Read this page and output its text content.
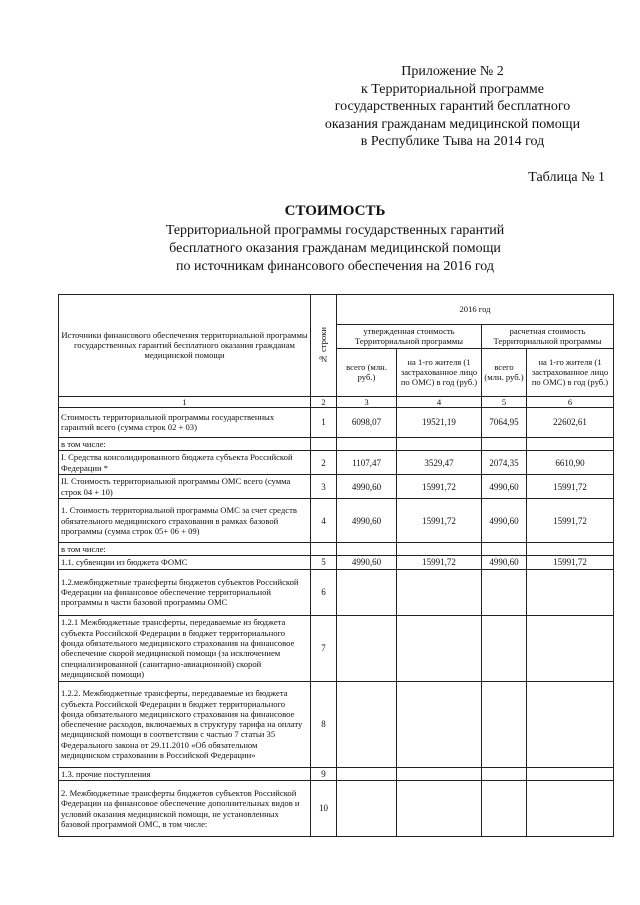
Приложение № 2
к Территориальной программе
государственных гарантий бесплатного
оказания гражданам медицинской помощи
в Республике Тыва на 2014 год
Таблица № 1
СТОИМОСТЬ
Территориальной программы государственных гарантий
бесплатного оказания гражданам медицинской помощи
по источникам финансового обеспечения на 2016 год
Источники финансового обеспечения территориальной программы государственных гарантий бесплатного оказания гражданам медицинской помощи	№ строки	2016 год			
		утвержденная стоимость Территориальной программы		расчетная стоимость Территориальной программы	
		всего (млн. руб.)	на 1-го жителя (1 застрахованное лицо по ОМС) в год (руб.)	всего (млн. руб.)	на 1-го жителя (1 застрахованное лицо по ОМС) в год (руб.)
1	2	3	4	5	6
Стоимость территориальной программы государственных гарантий всего (сумма строк 02 + 03)	1	6098,07	19521,19	7064,95	22602,61
в том числе:					
I. Средства консолидированного бюджета субъекта Российской Федерации *	2	1107,47	3529,47	2074,35	6610,90
II. Стоимость территориальной программы ОМС всего (сумма строк 04 + 10)	3	4990,60	15991,72	4990,60	15991,72
1. Стоимость территориальной программы ОМС за счет средств обязательного медицинского страхования в рамках базовой программы (сумма строк 05+ 06 + 09)	4	4990,60	15991,72	4990,60	15991,72
в том числе:					
1.1. субвенции из бюджета ФОМС	5	4990,60	15991,72	4990,60	15991,72
1.2.межбюджетные трансферты бюджетов субъектов Российской Федерации на финансовое обеспечение территориальной программы в части базовой программы ОМС	6				
1.2.1 Межбюджетные трансферты, передаваемые из бюджета субъекта Российской Федерации в бюджет территориального фонда обязательного медицинского страхования на финансовое обеспечение скорой медицинской помощи (за исключением специализированной (санитарно-авиационной) скорой медицинской помощи)	7				
1.2.2. Межбюджетные трансферты, передаваемые из бюджета субъекта Российской Федерации в бюджет территориального фонда обязательного медицинского страхования на финансовое обеспечение расходов, включаемых в структуру тарифа на оплату медицинской помощи в соответствии с частью 7 статьи 35 Федерального закона от 29.11.2010 «Об обязательном медицинском страховании в Российской Федерации»	8				
1.3. прочие поступления	9				
2. Межбюджетные трансферты бюджетов субъектов Российской Федерации на финансовое обеспечение дополнительных видов и условий оказания медицинской помощи, не установленных базовой программой ОМС, в том числе:	10				
